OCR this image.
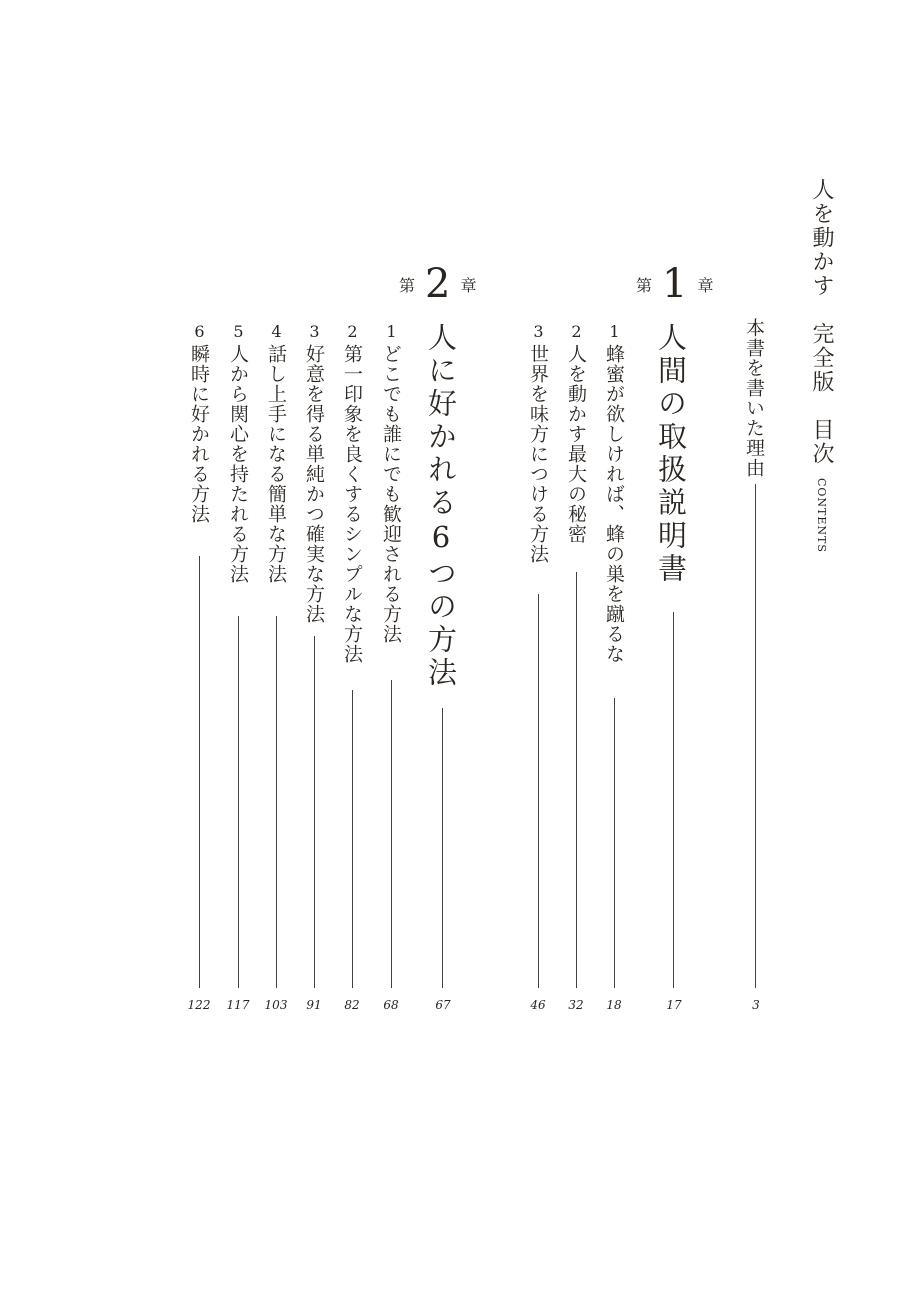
人を動かす　完全版　目次CONTENTS
本書を書いた理由
3
第 1 章
人間の取扱説明書
17
1
蜂蜜が欲しければ、蜂の巣を蹴るな
18
2
人を動かす最大の秘密
32
3
世界を味方につける方法
46
第 2 章
人に好かれる6つの方法
67
1
どこでも誰にでも歓迎される方法
68
2
第一印象を良くするシンプルな方法
82
3
好意を得る単純かつ確実な方法
91
4
話し上手になる簡単な方法
103
5
人から関心を持たれる方法
117
6
瞬時に好かれる方法
122
